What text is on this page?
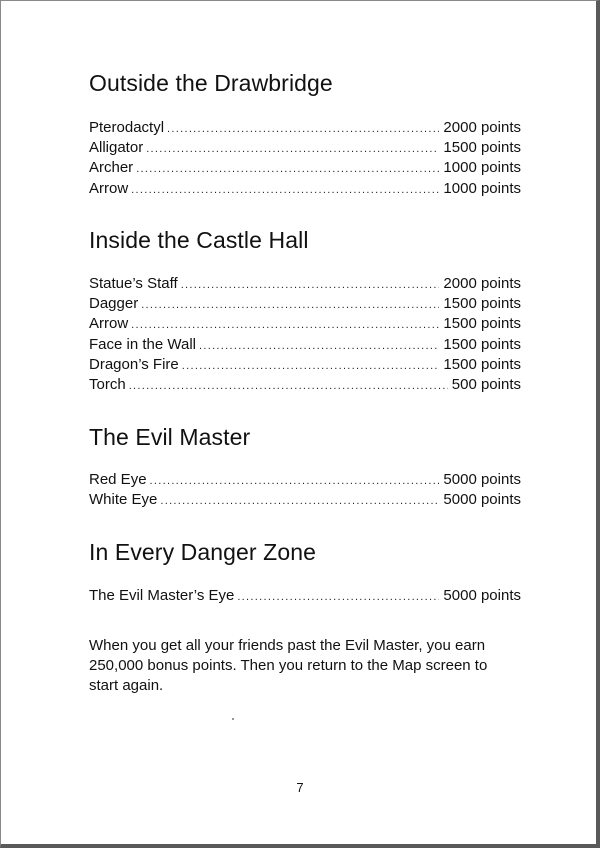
Outside the Drawbridge
Pterodactyl .....	2000 points
Alligator .....	1500 points
Archer .....	1000 points
Arrow .....	1000 points
Inside the Castle Hall
Statue’s Staff .....	2000 points
Dagger .....	1500 points
Arrow .....	1500 points
Face in the Wall .....	1500 points
Dragon’s Fire .....	1500 points
Torch .....	500 points
The Evil Master
Red Eye .....	5000 points
White Eye .....	5000 points
In Every Danger Zone
The Evil Master’s Eye .....	5000 points

When you get all your friends past the Evil Master, you earn 250,000 bonus points. Then you return to the Map screen to start again.

7
